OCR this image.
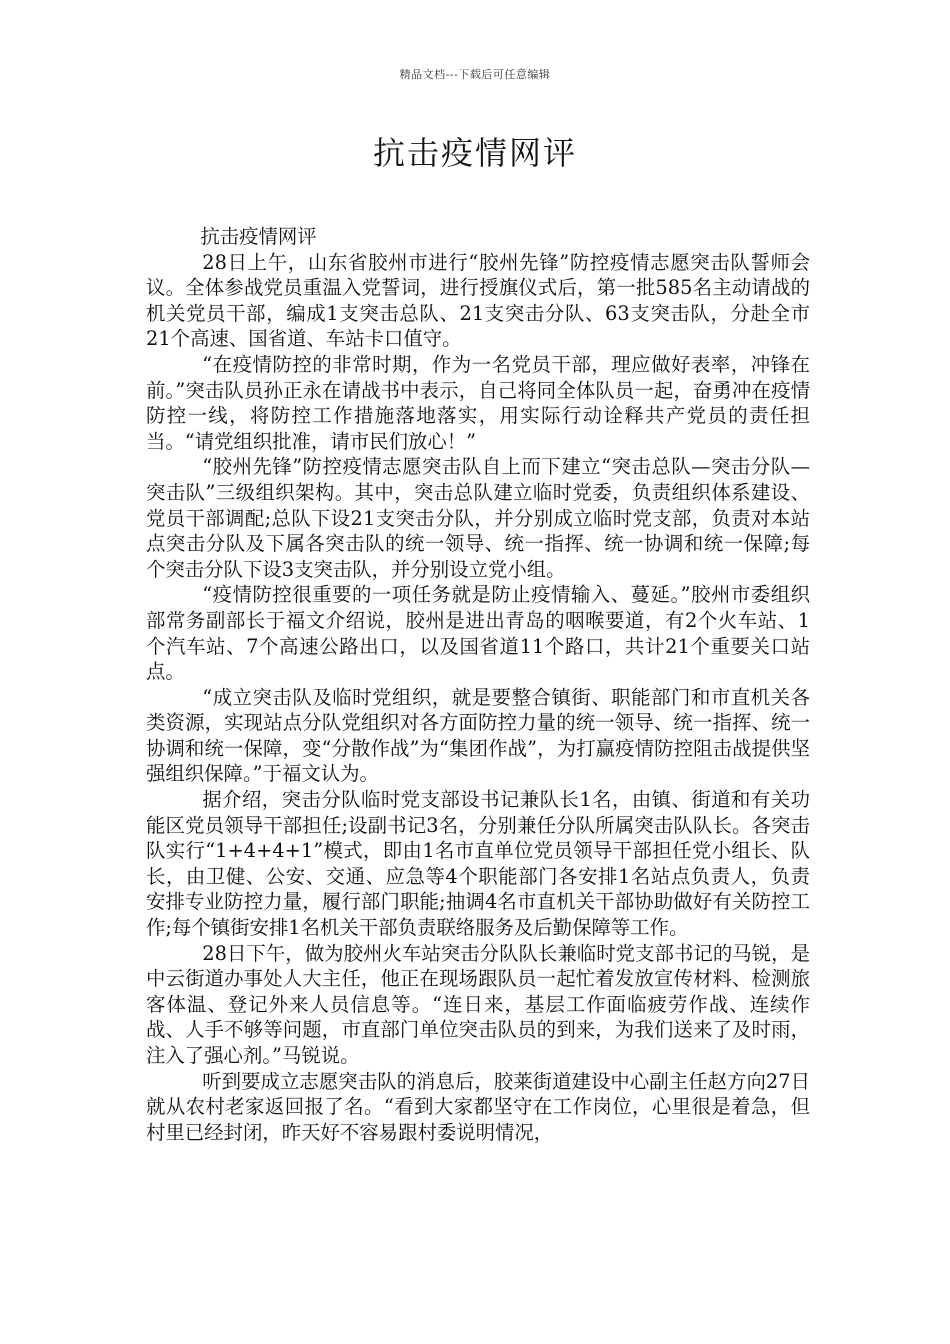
精品文档---下载后可任意编辑
抗击疫情网评

抗击疫情网评

28日上午，山东省胶州市进行“胶州先锋”防控疫情志愿突击队誓师会议。全体参战党员重温入党誓词，进行授旗仪式后，第一批585名主动请战的机关党员干部，编成1支突击总队、21支突击分队、63支突击队，分赴全市21个高速、国省道、车站卡口值守。

“在疫情防控的非常时期，作为一名党员干部，理应做好表率，冲锋在前。”突击队员孙正永在请战书中表示，自己将同全体队员一起，奋勇冲在疫情防控一线，将防控工作措施落地落实，用实际行动诠释共产党员的责任担当。“请党组织批准，请市民们放心！”

“胶州先锋”防控疫情志愿突击队自上而下建立“突击总队—突击分队—突击队”三级组织架构。其中，突击总队建立临时党委，负责组织体系建设、党员干部调配;总队下设21支突击分队，并分别成立临时党支部，负责对本站点突击分队及下属各突击队的统一领导、统一指挥、统一协调和统一保障;每个突击分队下设3支突击队，并分别设立党小组。

“疫情防控很重要的一项任务就是防止疫情输入、蔓延。”胶州市委组织部常务副部长于福文介绍说，胶州是进出青岛的咽喉要道，有2个火车站、1个汽车站、7个高速公路出口，以及国省道11个路口，共计21个重要关口站点。

“成立突击队及临时党组织，就是要整合镇街、职能部门和市直机关各类资源，实现站点分队党组织对各方面防控力量的统一领导、统一指挥、统一协调和统一保障，变“分散作战”为“集团作战”，为打赢疫情防控阻击战提供坚强组织保障。”于福文认为。

据介绍，突击分队临时党支部设书记兼队长1名，由镇、街道和有关功能区党员领导干部担任;设副书记3名，分别兼任分队所属突击队队长。各突击队实行“1+4+4+1”模式，即由1名市直单位党员领导干部担任党小组长、队长，由卫健、公安、交通、应急等4个职能部门各安排1名站点负责人，负责安排专业防控力量，履行部门职能;抽调4名市直机关干部协助做好有关防控工作;每个镇街安排1名机关干部负责联络服务及后勤保障等工作。

28日下午，做为胶州火车站突击分队队长兼临时党支部书记的马锐，是中云街道办事处人大主任，他正在现场跟队员一起忙着发放宣传材料、检测旅客体温、登记外来人员信息等。“连日来，基层工作面临疲劳作战、连续作战、人手不够等问题，市直部门单位突击队员的到来，为我们送来了及时雨，注入了强心剂。”马锐说。

听到要成立志愿突击队的消息后，胶莱街道建设中心副主任赵方向27日就从农村老家返回报了名。“看到大家都坚守在工作岗位，心里很是着急，但村里已经封闭，昨天好不容易跟村委说明情况，
